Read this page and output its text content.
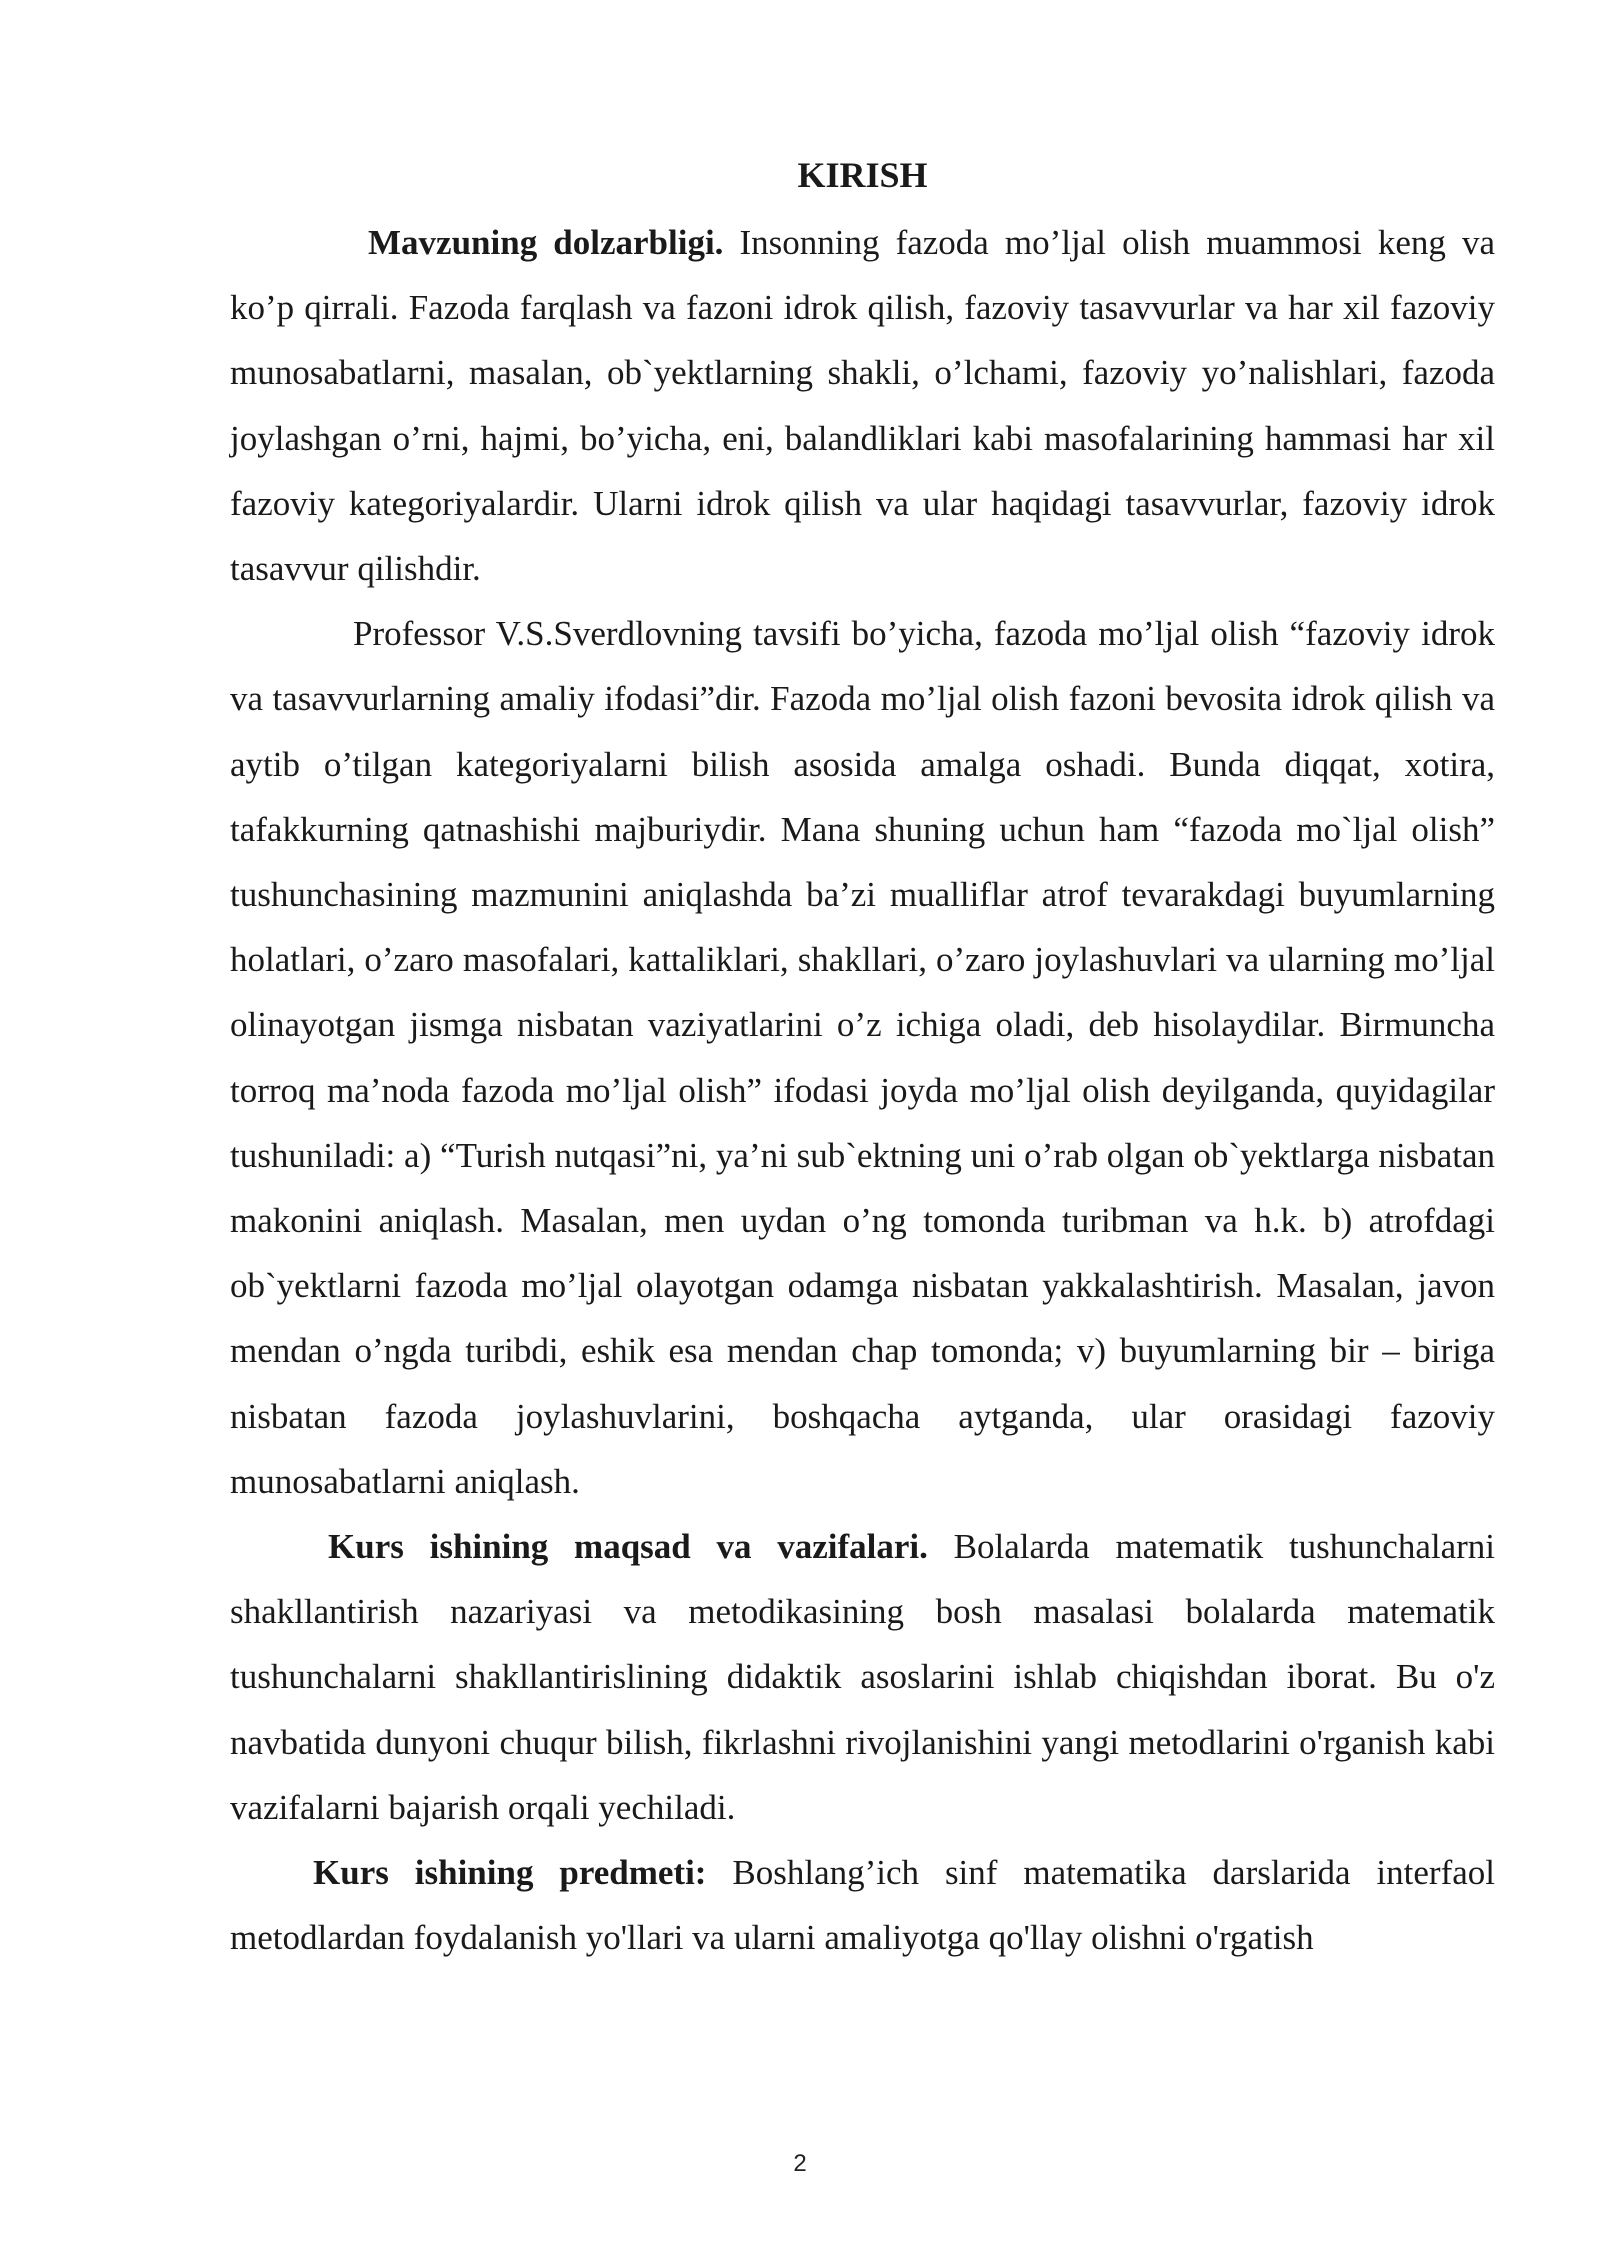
KIRISH

Mavzuning dolzarbligi. Insonning fazoda mo’ljal olish muammosi keng va ko’p qirrali. Fazoda farqlash va fazoni idrok qilish, fazoviy tasavvurlar va har xil fazoviy munosabatlarni, masalan, ob`yektlarning shakli, o’lchami, fazoviy yo’nalishlari, fazoda joylashgan o’rni, hajmi, bo’yicha, eni, balandliklari kabi masofalarining hammasi har xil fazoviy kategoriyalardir. Ularni idrok qilish va ular haqidagi tasavvurlar, fazoviy idrok tasavvur qilishdir.

Professor V.S.Sverdlovning tavsifi bo’yicha, fazoda mo’ljal olish “fazoviy idrok va tasavvurlarning amaliy ifodasi”dir. Fazoda mo’ljal olish fazoni bevosita idrok qilish va aytib o’tilgan kategoriyalarni bilish asosida amalga oshadi. Bunda diqqat, xotira, tafakkurning qatnashishi majburiydir. Mana shuning uchun ham “fazoda mo`ljal olish” tushunchasining mazmunini aniqlashda ba’zi mualliflar atrof tevarakdagi buyumlarning holatlari, o’zaro masofalari, kattaliklari, shakllari, o’zaro joylashuvlari va ularning mo’ljal olinayotgan jismga nisbatan vaziyatlarini o’z ichiga oladi, deb hisolaydilar. Birmuncha torroq ma’noda fazoda mo’ljal olish” ifodasi joyda mo’ljal olish deyilganda, quyidagilar tushuniladi: a) “Turish nutqasi”ni, ya’ni sub`ektning uni o’rab olgan ob`yektlarga nisbatan makonini aniqlash. Masalan, men uydan o’ng tomonda turibman va h.k. b) atrofdagi ob`yektlarni fazoda mo’ljal olayotgan odamga nisbatan yakkalashtirish. Masalan, javon mendan o’ngda turibdi, eshik esa mendan chap tomonda; v) buyumlarning bir – biriga nisbatan fazoda joylashuvlarini, boshqacha aytganda, ular orasidagi fazoviy munosabatlarni aniqlash.

Kurs ishining maqsad va vazifalari. Bolalarda matematik tushunchalarni shakllantirish nazariyasi va metodikasining bosh masalasi bolalarda matematik tushunchalarni shakllantirislining didaktik asoslarini ishlab chiqishdan iborat. Bu o'z navbatida dunyoni chuqur bilish, fikrlashni rivojlanishini yangi metodlarini o'rganish kabi vazifalarni bajarish orqali yechiladi.

Kurs ishining predmeti: Boshlang’ich sinf matematika darslarida interfaol metodlardan foydalanish yo'llari va ularni amaliyotga qo'llay olishni o'rgatish

2
